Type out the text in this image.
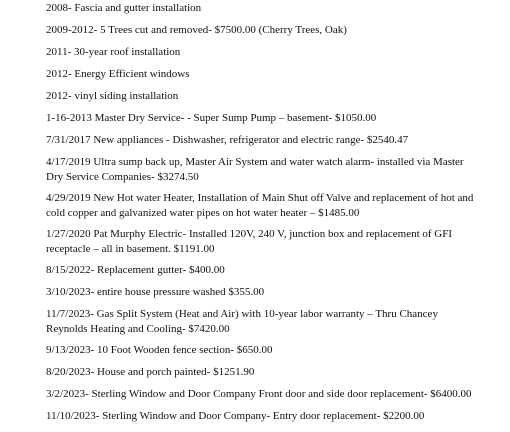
2008- Fascia and gutter installation
2009-2012- 5 Trees cut and removed- $7500.00 (Cherry Trees, Oak)
2011- 30-year roof installation
2012- Energy Efficient windows
2012- vinyl siding installation
1-16-2013 Master Dry Service- - Super Sump Pump – basement- $1050.00
7/31/2017 New appliances - Dishwasher, refrigerator and electric range- $2540.47
4/17/2019 Ultra sump back up, Master Air System and water watch alarm- installed via Master
Dry Service Companies- $3274.50
4/29/2019 New Hot water Heater, Installation of Main Shut off Valve and replacement of hot and
cold copper and galvanized water pipes on hot water heater – $1485.00
1/27/2020 Pat Murphy Electric- Installed 120V, 240 V, junction box and replacement of GFI
receptacle – all in basement. $1191.00
8/15/2022- Replacement gutter- $400.00
3/10/2023- entire house pressure washed $355.00
11/7/2023- Gas Split System (Heat and Air) with 10-year labor warranty – Thru Chancey
Reynolds Heating and Cooling- $7420.00
9/13/2023- 10 Foot Wooden fence section- $650.00
8/20/2023- House and porch painted- $1251.90
3/2/2023- Sterling Window and Door Company Front door and side door replacement- $6400.00
11/10/2023- Sterling Window and Door Company- Entry door replacement- $2200.00
